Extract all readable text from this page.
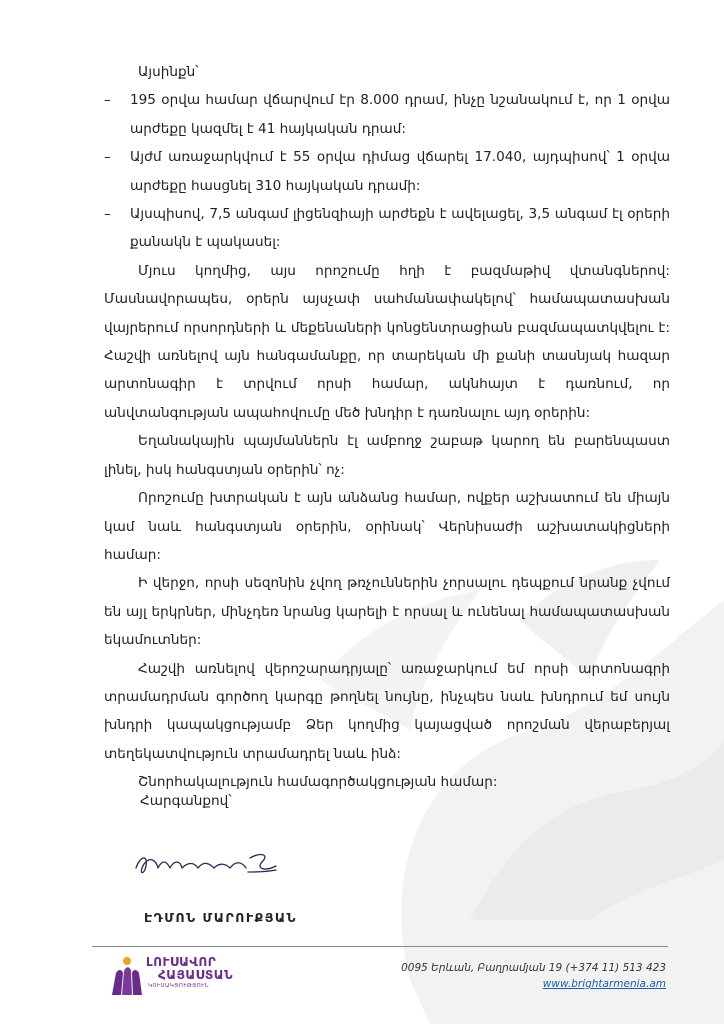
Այսինքն՝

– 195 օրվա համար վճարվում էր 8.000 դրամ, ինչը նշանակում է, որ 1 օրվա արժեքը կազմել է 41 հայկական դրամ:
– Այժմ առաջարկվում է 55 օրվա դիմաց վճարել 17.040, այդպիսով՝ 1 օրվա արժեքը հասցնել 310 հայկական դրամի:
– Այսպիսով, 7,5 անգամ լիցենզիայի արժեքն է ավելացել, 3,5 անգամ էլ օրերի քանակն է պակասել:

Մյուս կողմից, այս որոշումը հղի է բազմաթիվ վտանգներով: Մասնավորապես, օրերն այսչափ սահմանափակելով՝ համապատասխան վայրերում որսորդների և մեքենաների կոնցենտրացիան բազմապատկվելու է: Հաշվի առնելով այն հանգամանքը, որ տարեկան մի քանի տասնյակ հազար արտոնագիր է տրվում որսի համար, ակնհայտ է դառնում, որ անվտանգության ապահովումը մեծ խնդիր է դառնալու այդ օրերին:

Եղանակային պայմաններն էլ ամբողջ շաբաթ կարող են բարենպաստ լինել, իսկ հանգստյան օրերին՝ ոչ:

Որոշումը խտրական է այն անձանց համար, ովքեր աշխատում են միայն կամ նաև հանգստյան օրերին, օրինակ՝ Վերնիսաժի աշխատակիցների համար:

Ի վերջո, որսի սեզոնին չվող թռչուններին չորսալու դեպքում նրանք չվում են այլ երկրներ, մինչդեռ նրանց կարելի է որսալ և ունենալ համապատասխան եկամուտներ:

Հաշվի առնելով վերոշարադրյալը՝ առաջարկում եմ որսի արտոնագրի տրամադրման գործող կարգը թողնել նույնը, ինչպես նաև խնդրում եմ սույն խնդրի կապակցությամբ Ձեր կողմից կայացված որոշման վերաբերյալ տեղեկատվություն տրամադրել նաև ինձ:

Շնորհակալություն համագործակցության համար:

Հարգանքով՝
ԷԴՄՈՆ ՄԱՐՈՒՔՅԱՆ
ԼՈՒՍԱՎՈՐ
ՀԱՅԱՍՏԱՆ
ԿՈՒՍԱԿՑՈՒԹՅՈՒՆ
0095 Երևան, Բաղրամյան 19 (+374 11) 513 423
www.brightarmenia.am
